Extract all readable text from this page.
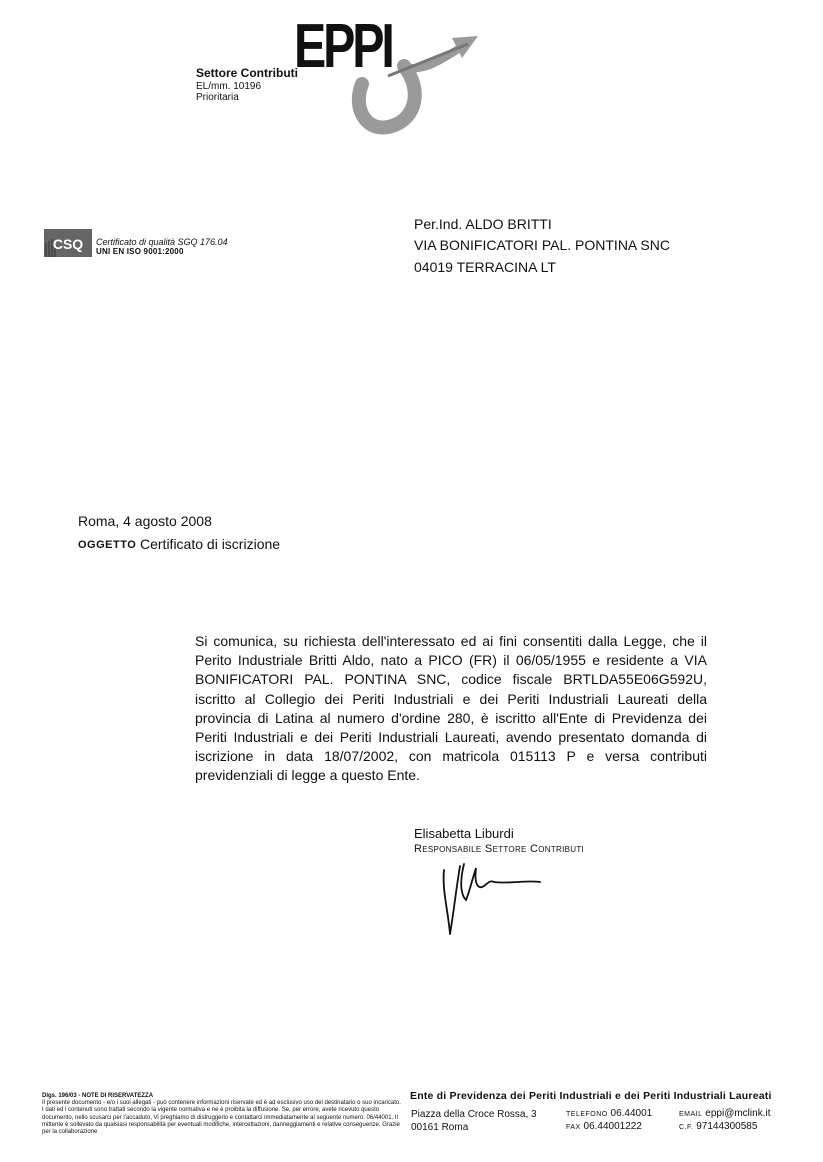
Settore Contributi
EL/mm. 10196
Prioritaria
EPPI
CSQ Certificato di qualità SGQ 176.04
UNI EN ISO 9001:2000
Per.Ind. ALDO BRITTI
VIA BONIFICATORI PAL. PONTINA SNC
04019 TERRACINA LT
Roma, 4 agosto 2008
OGGETTO Certificato di iscrizione
Si comunica, su richiesta dell'interessato ed ai fini consentiti dalla Legge, che il Perito Industriale Britti Aldo, nato a PICO (FR) il 06/05/1955 e residente a VIA BONIFICATORI PAL. PONTINA SNC, codice fiscale BRTLDA55E06G592U, iscritto al Collegio dei Periti Industriali e dei Periti Industriali Laureati della provincia di Latina al numero d'ordine 280, è iscritto all'Ente di Previdenza dei Periti Industriali e dei Periti Industriali Laureati, avendo presentato domanda di iscrizione in data 18/07/2002, con matricola 015113 P e versa contributi previdenziali di legge a questo Ente.
Elisabetta Liburdi
Responsabile Settore Contributi
Dlgs. 196/03 - NOTE DI RISERVATEZZA
Il presente documento - e/o i suoi allegati - può contenere informazioni riservate ed è ad esclusivo uso del destinatario o suo incaricato. I dati ed i contenuti sono trattati secondo la vigente normativa e ne è proibita la diffusione. Se, per errore, avete ricevuto questo documento, nello scusarci per l'accaduto, Vi preghiamo di distruggerlo e contattarci immediatamente al seguente numero: 06/44001. Il mittente è sollevato da qualsiasi responsabilità per eventuali modifiche, intercettazioni, danneggiamenti e relative conseguenze. Grazie per la collaborazione
Ente di Previdenza dei Periti Industriali e dei Periti Industriali Laureati
Piazza della Croce Rossa, 3
00161 Roma
TELEFONO 06.44001
FAX 06.44001222
EMAIL eppi@mclink.it
C.F. 97144300585
